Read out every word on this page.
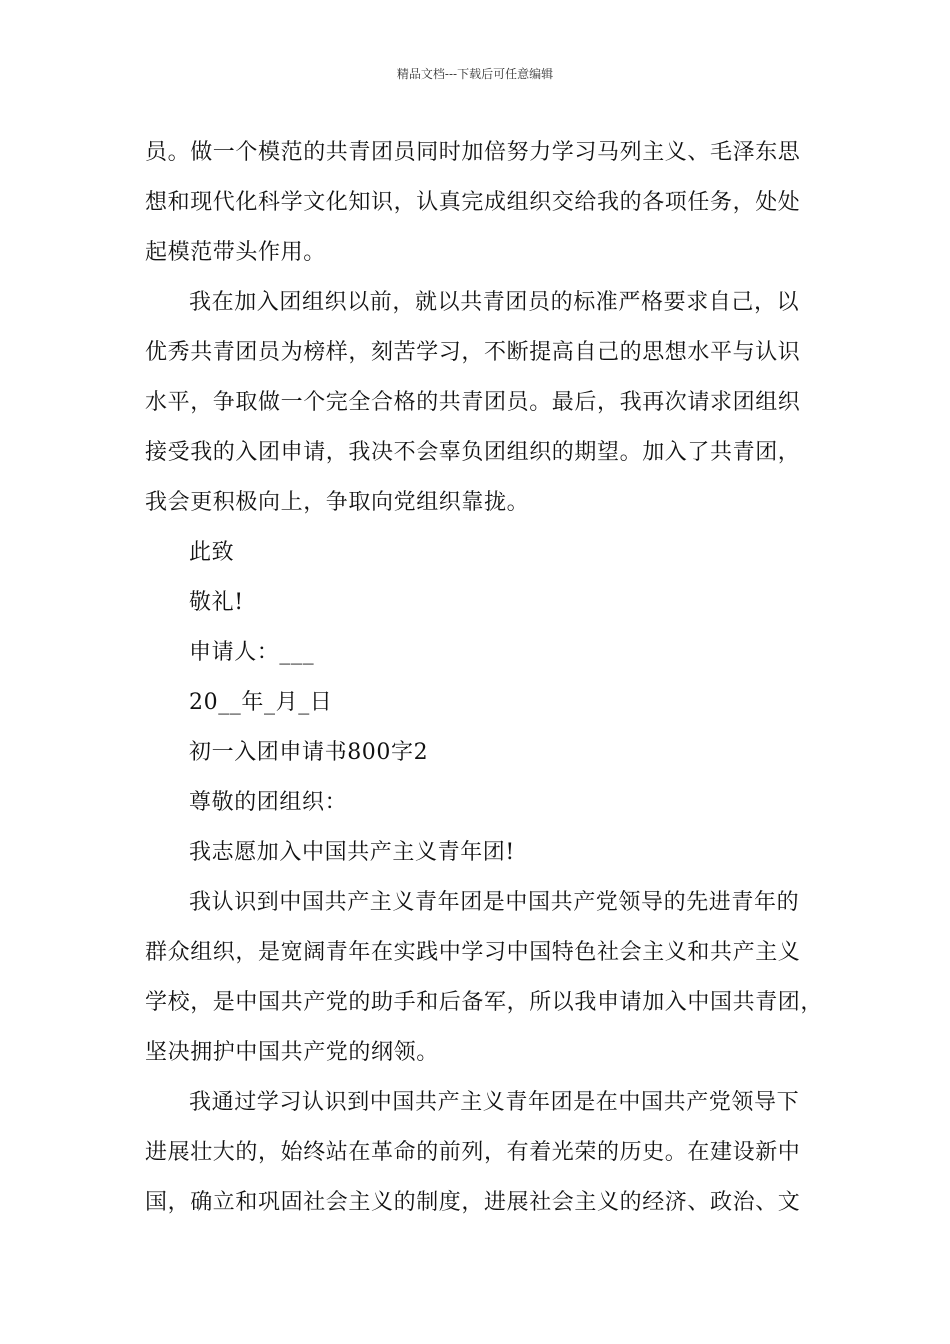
精品文档---下载后可任意编辑
员。做一个模范的共青团员同时加倍努力学习马列主义、毛泽东思
想和现代化科学文化知识，认真完成组织交给我的各项任务，处处
起模范带头作用。
我在加入团组织以前，就以共青团员的标准严格要求自己，以
优秀共青团员为榜样，刻苦学习，不断提高自己的思想水平与认识
水平，争取做一个完全合格的共青团员。最后，我再次请求团组织
接受我的入团申请，我决不会辜负团组织的期望。加入了共青团，
我会更积极向上，争取向党组织靠拢。
此致
敬礼!
申请人：___
20__年_月_日
初一入团申请书800字2
尊敬的团组织：
我志愿加入中国共产主义青年团!
我认识到中国共产主义青年团是中国共产党领导的先进青年的
群众组织，是宽阔青年在实践中学习中国特色社会主义和共产主义
学校，是中国共产党的助手和后备军，所以我申请加入中国共青团，
坚决拥护中国共产党的纲领。
我通过学习认识到中国共产主义青年团是在中国共产党领导下
进展壮大的，始终站在革命的前列，有着光荣的历史。在建设新中
国，确立和巩固社会主义的制度，进展社会主义的经济、政治、文
